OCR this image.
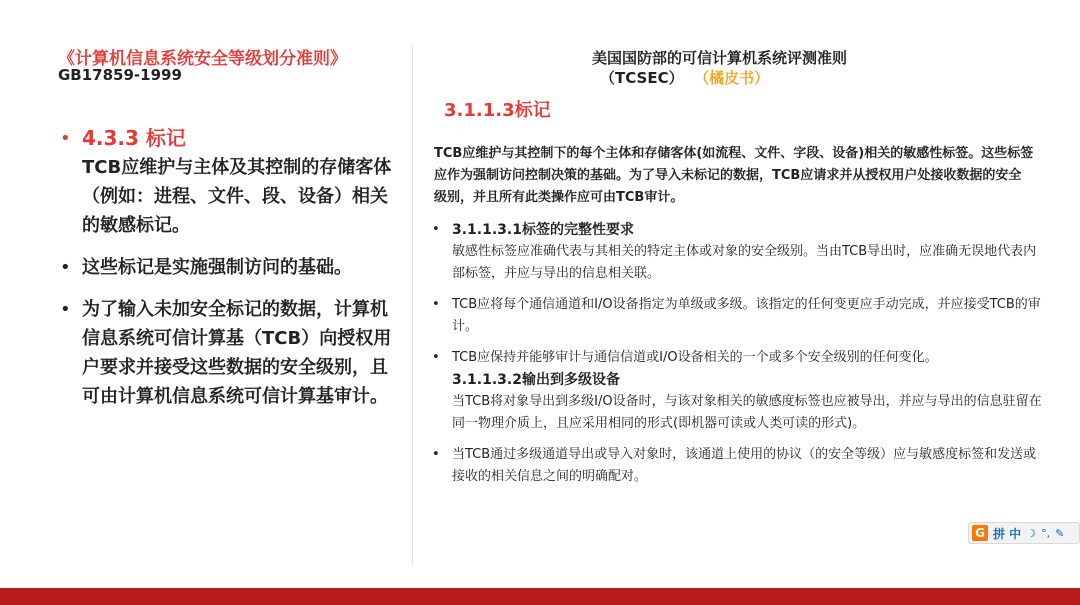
《计算机信息系统安全等级划分准则》
GB17859-1999
• 4.3.3 标记
TCB应维护与主体及其控制的存储客体（例如：进程、文件、段、设备）相关的敏感标记。
• 这些标记是实施强制访问的基础。
• 为了输入未加安全标记的数据，计算机信息系统可信计算基（TCB）向授权用户要求并接受这些数据的安全级别，且可由计算机信息系统可信计算基审计。
美国国防部的可信计算机系统评测准则
（TCSEC） （橘皮书）
3.1.1.3标记
TCB应维护与其控制下的每个主体和存储客体(如流程、文件、字段、设备)相关的敏感性标签。这些标签应作为强制访问控制决策的基础。为了导入未标记的数据，TCB应请求并从授权用户处接收数据的安全级别，并且所有此类操作应可由TCB审计。
• 3.1.1.3.1标签的完整性要求
敏感性标签应准确代表与其相关的特定主体或对象的安全级别。当由TCB导出时，应准确无误地代表内部标签，并应与导出的信息相关联。
• TCB应将每个通信通道和I/O设备指定为单级或多级。该指定的任何变更应手动完成，并应接受TCB的审计。
• TCB应保持并能够审计与通信信道或I/O设备相关的一个或多个安全级别的任何变化。
3.1.1.3.2输出到多级设备
当TCB将对象导出到多级I/O设备时，与该对象相关的敏感度标签也应被导出，并应与导出的信息驻留在同一物理介质上，且应采用相同的形式(即机器可读或人类可读的形式)。
• 当TCB通过多级通道导出或导入对象时，该通道上使用的协议（的安全等级）应与敏感度标签和发送或接收的相关信息之间的明确配对。
G 拼 中 ☽ °, ✎
